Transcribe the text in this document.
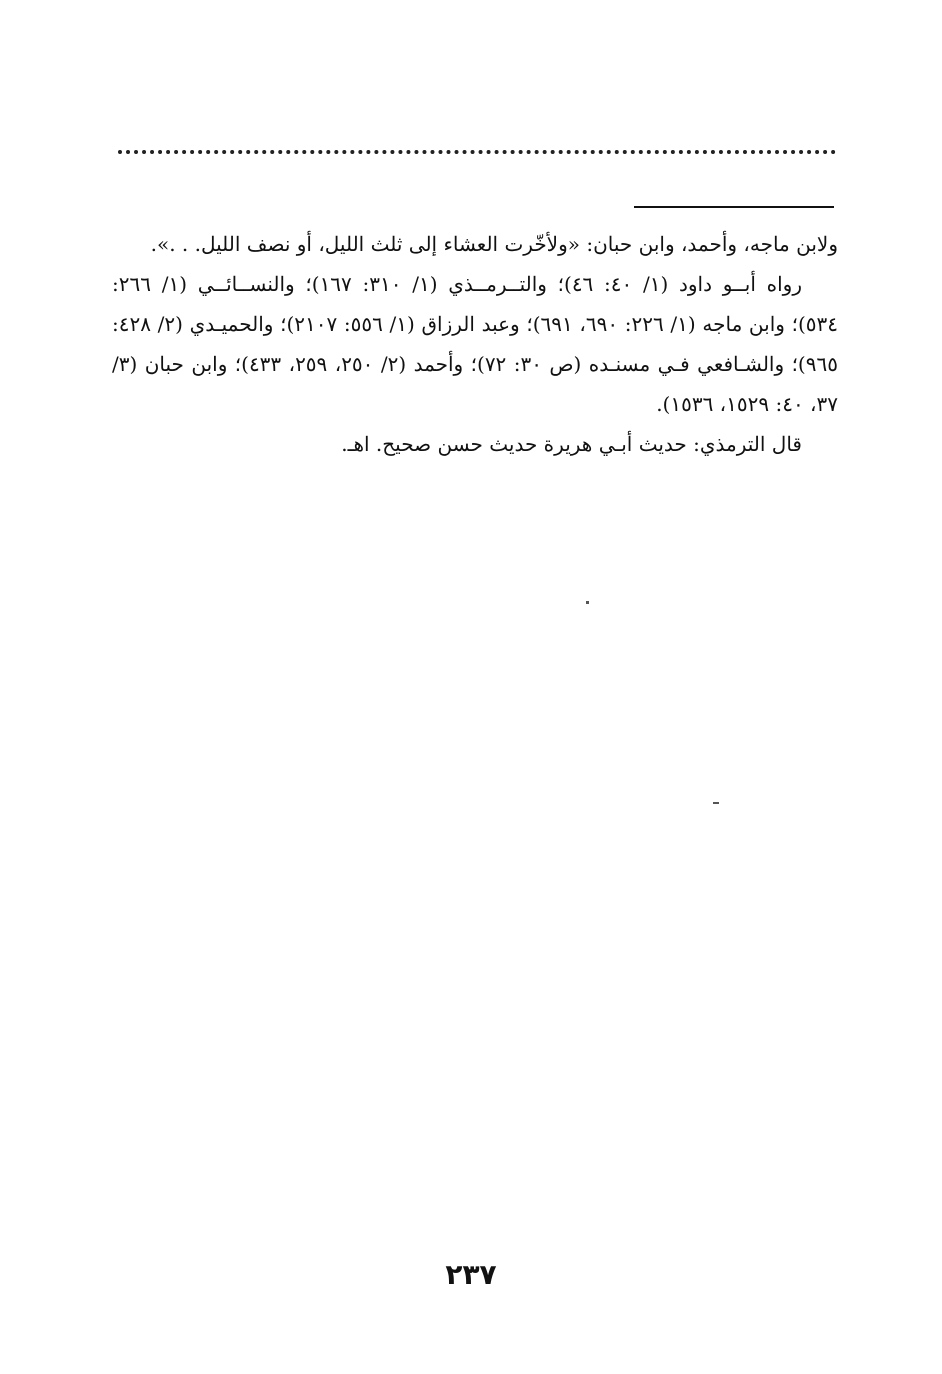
ولابن ماجه، وأحمد، وابن حبان: «ولأخّرت العشاء إلى ثلث الليل، أو نصف الليل. . .».

رواه أبــو داود (١/ ٤٠: ٤٦)؛ والتــرمــذي (١/ ٣١٠: ١٦٧)؛ والنســائــي (١/ ٢٦٦: ٥٣٤)؛ وابن ماجه (١/ ٢٢٦: ٦٩٠، ٦٩١)؛ وعبد الرزاق (١/ ٥٥٦: ٢١٠٧)؛ والحميـدي (٢/ ٤٢٨: ٩٦٥)؛ والشـافعي فـي مسنـده (ص ٣٠: ٧٢)؛ وأحمد (٢/ ٢٥٠، ٢٥٩، ٤٣٣)؛ وابن حبان (٣/ ٣٧، ٤٠: ١٥٢٩، ١٥٣٦).

قال الترمذي: حديث أبـي هريرة حديث حسن صحيح. اهـ.

٢٣٧
